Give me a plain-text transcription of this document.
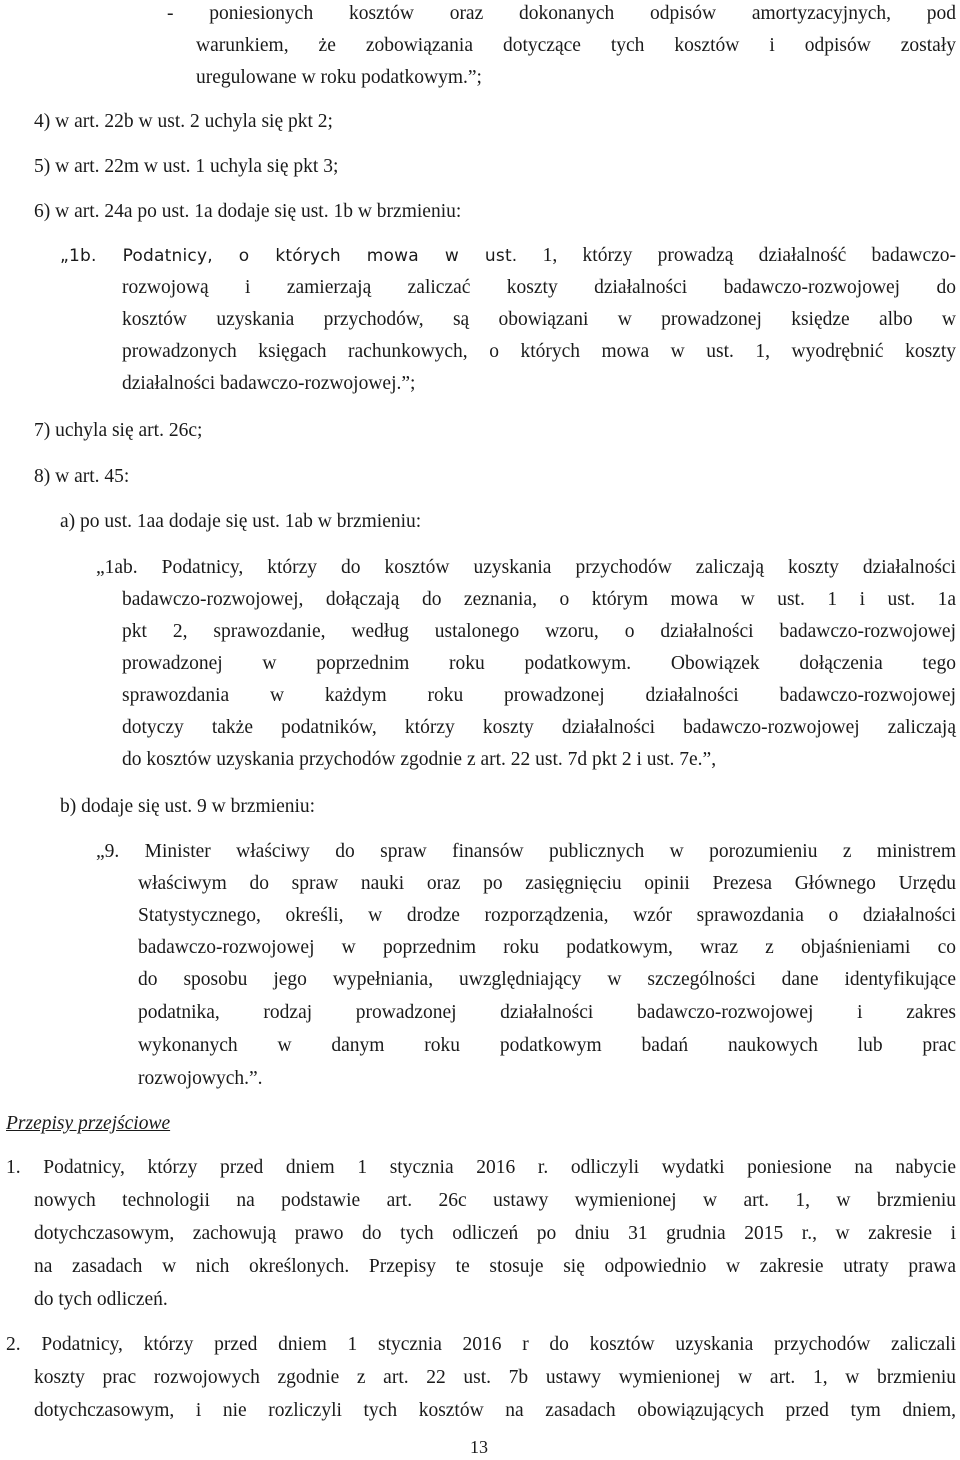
- poniesionych kosztów oraz dokonanych odpisów amortyzacyjnych, pod
warunkiem, że zobowiązania dotyczące tych kosztów i odpisów zostały
uregulowane w roku podatkowym.”;
4) w art. 22b w ust. 2 uchyla się pkt 2;
5) w art. 22m w ust. 1 uchyla się pkt 3;
6) w art. 24a po ust. 1a dodaje się ust. 1b w brzmieniu:
„1b. Podatnicy, o których mowa w ust. 1, którzy prowadzą działalność badawczo-
rozwojową i zamierzają zaliczać koszty działalności badawczo-rozwojowej do
kosztów uzyskania przychodów, są obowiązani w prowadzonej księdze albo w
prowadzonych księgach rachunkowych, o których mowa w ust. 1, wyodrębnić koszty
działalności badawczo-rozwojowej.”;
7) uchyla się art. 26c;
8) w art. 45:
a) po ust. 1aa dodaje się ust. 1ab w brzmieniu:
„1ab. Podatnicy, którzy do kosztów uzyskania przychodów zaliczają koszty działalności
badawczo-rozwojowej, dołączają do zeznania, o którym mowa w ust. 1 i ust. 1a
pkt 2, sprawozdanie, według ustalonego wzoru, o działalności badawczo-rozwojowej
prowadzonej w poprzednim roku podatkowym. Obowiązek dołączenia tego
sprawozdania w każdym roku prowadzonej działalności badawczo-rozwojowej
dotyczy także podatników, którzy koszty działalności badawczo-rozwojowej zaliczają
do kosztów uzyskania przychodów zgodnie z art. 22 ust. 7d pkt 2 i ust. 7e.”,
b) dodaje się ust. 9 w brzmieniu:
„9. Minister właściwy do spraw finansów publicznych w porozumieniu z ministrem
właściwym do spraw nauki oraz po zasięgnięciu opinii Prezesa Głównego Urzędu
Statystycznego, określi, w drodze rozporządzenia, wzór sprawozdania o działalności
badawczo-rozwojowej w poprzednim roku podatkowym, wraz z objaśnieniami co
do sposobu jego wypełniania, uwzględniający w szczególności dane identyfikujące
podatnika, rodzaj prowadzonej działalności badawczo-rozwojowej i zakres
wykonanych w danym roku podatkowym badań naukowych lub prac
rozwojowych.”.
Przepisy przejściowe
1. Podatnicy, którzy przed dniem 1 stycznia 2016 r. odliczyli wydatki poniesione na nabycie
nowych technologii na podstawie art. 26c ustawy wymienionej w art. 1, w brzmieniu
dotychczasowym, zachowują prawo do tych odliczeń po dniu 31 grudnia 2015 r., w zakresie i
na zasadach w nich określonych. Przepisy te stosuje się odpowiednio w zakresie utraty prawa
do tych odliczeń.
2. Podatnicy, którzy przed dniem 1 stycznia 2016 r do kosztów uzyskania przychodów zaliczali
koszty prac rozwojowych zgodnie z art. 22 ust. 7b ustawy wymienionej w art. 1, w brzmieniu
dotychczasowym, i nie rozliczyli tych kosztów na zasadach obowiązujących przed tym dniem,
13
